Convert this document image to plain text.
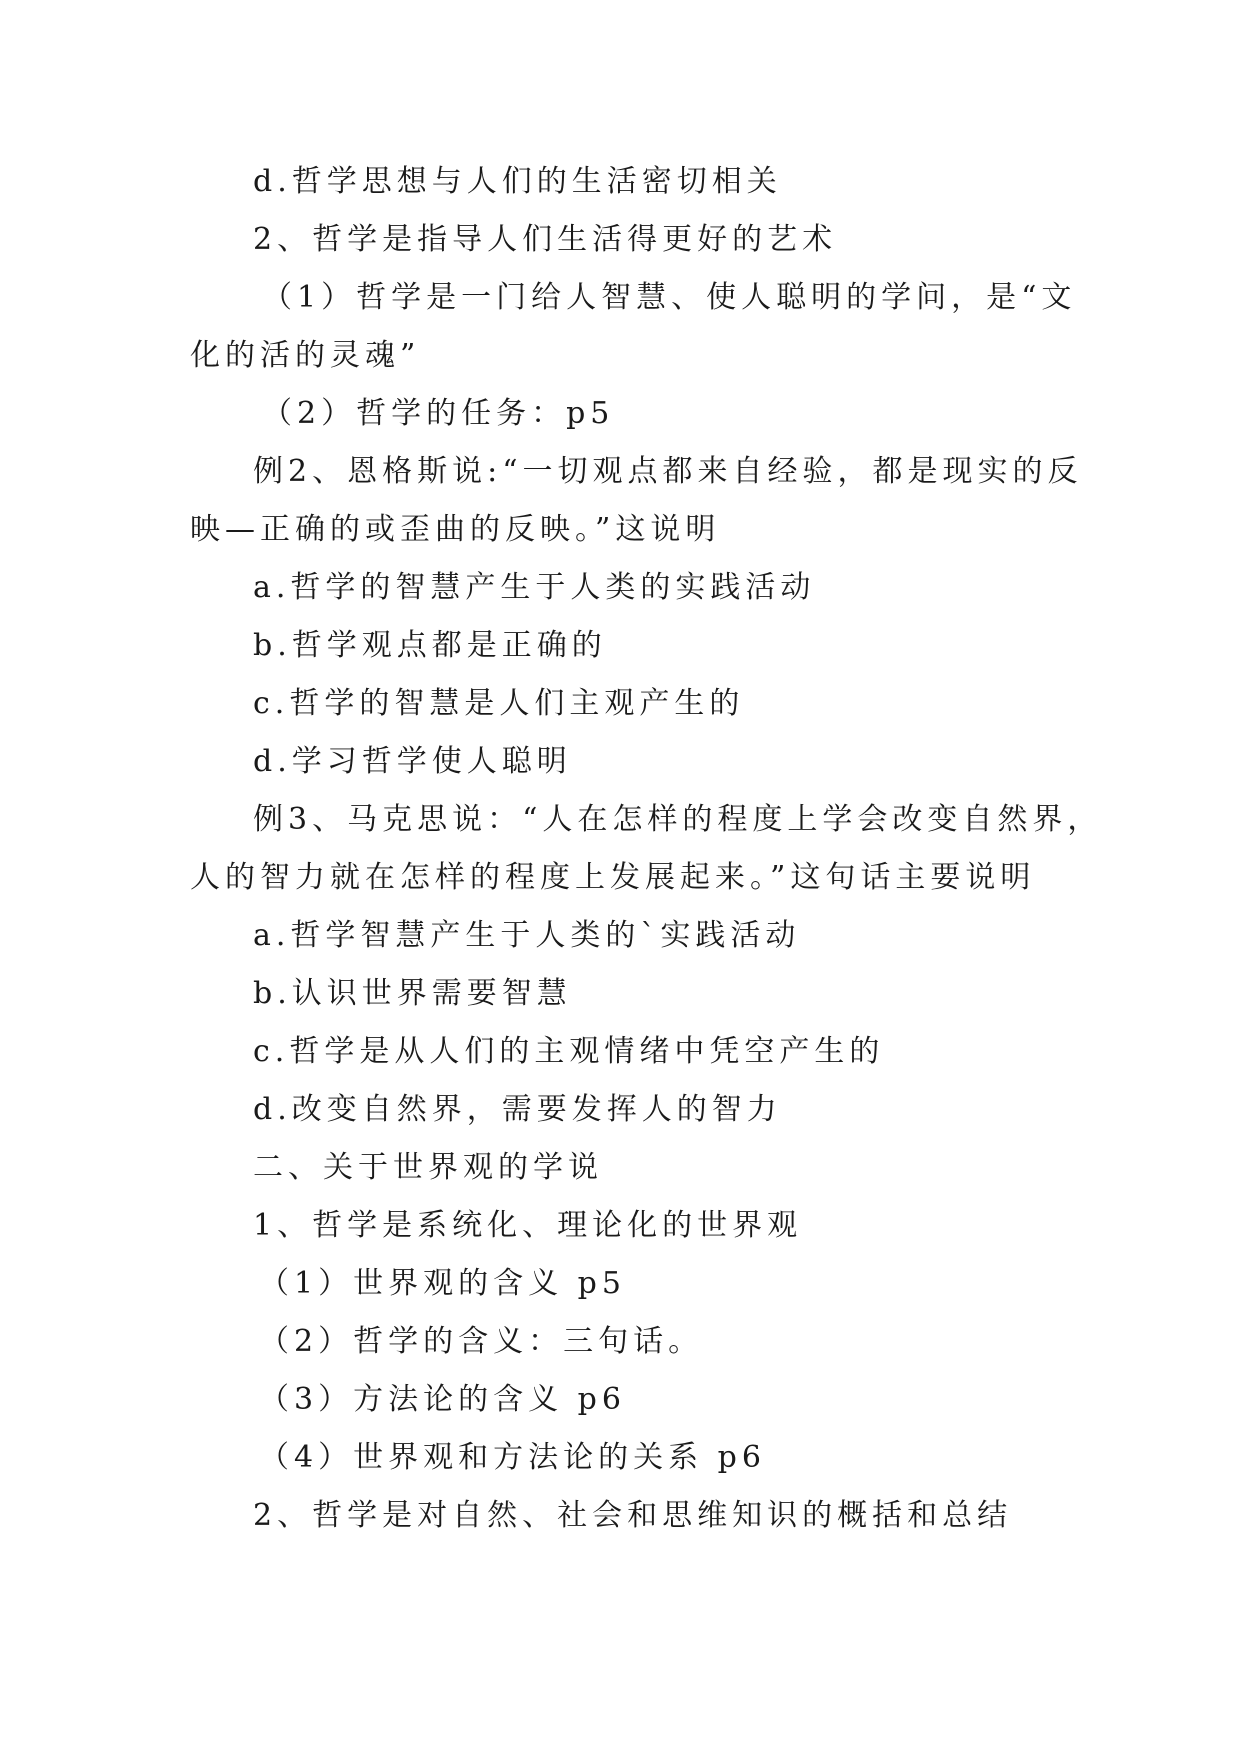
d.哲学思想与人们的生活密切相关
2、哲学是指导人们生活得更好的艺术
（1）哲学是一门给人智慧、使人聪明的学问，是“文
化的活的灵魂”
（2）哲学的任务：p5
例2、恩格斯说:“一切观点都来自经验，都是现实的反
映—正确的或歪曲的反映。”这说明
a.哲学的智慧产生于人类的实践活动
b.哲学观点都是正确的
c.哲学的智慧是人们主观产生的
d.学习哲学使人聪明
例3、马克思说：“人在怎样的程度上学会改变自然界，
人的智力就在怎样的程度上发展起来。”这句话主要说明
a.哲学智慧产生于人类的`实践活动
b.认识世界需要智慧
c.哲学是从人们的主观情绪中凭空产生的
d.改变自然界，需要发挥人的智力
二、关于世界观的学说
1、哲学是系统化、理论化的世界观
（1）世界观的含义 p5
（2）哲学的含义：三句话。
（3）方法论的含义 p6
（4）世界观和方法论的关系 p6
2、哲学是对自然、社会和思维知识的概括和总结
